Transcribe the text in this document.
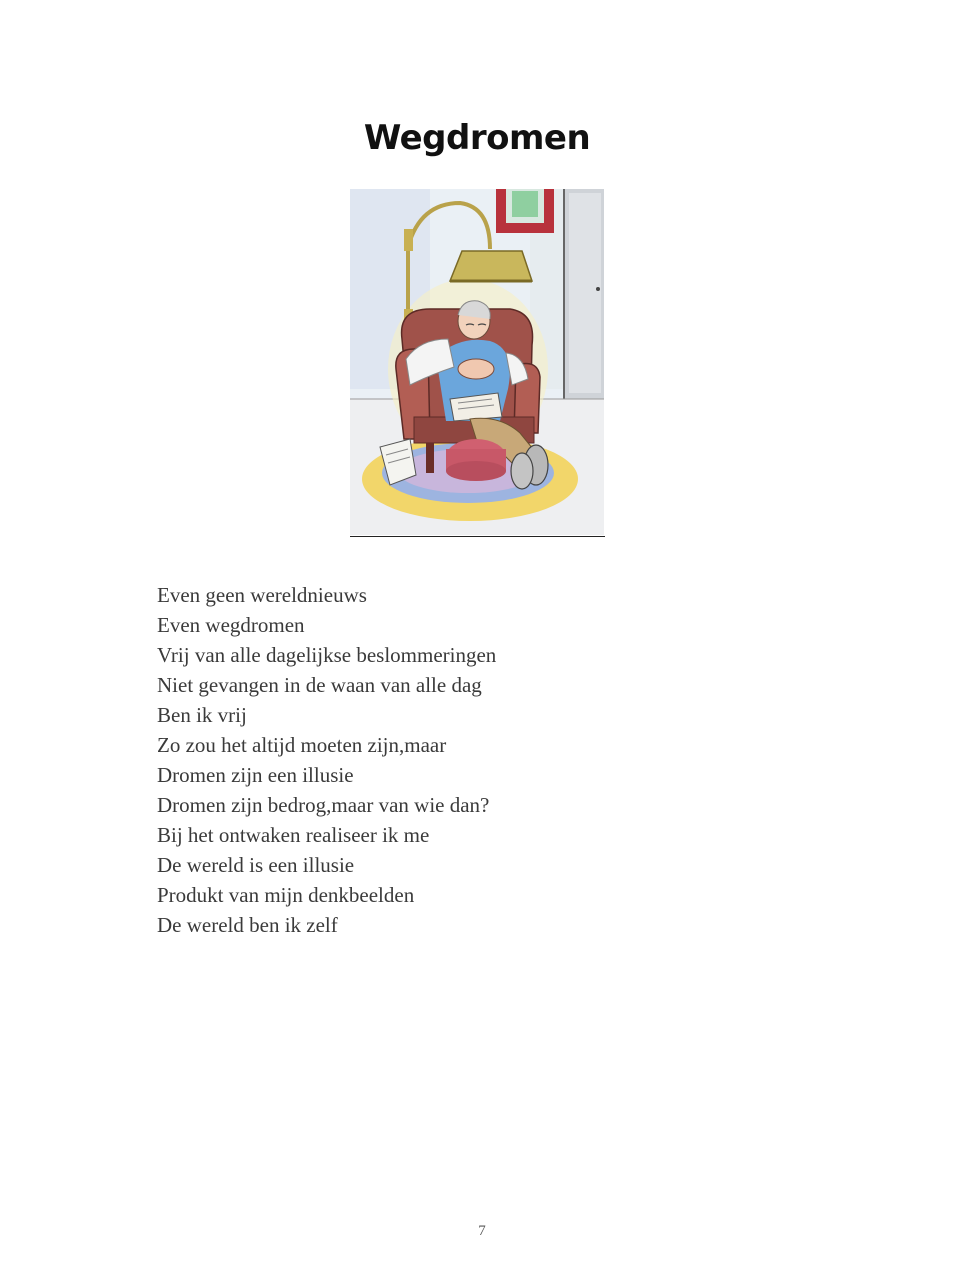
Wegdromen
Even geen wereldnieuws
Even wegdromen
Vrij van alle dagelijkse beslommeringen
Niet gevangen in de waan van alle dag
Ben ik vrij
Zo zou het altijd moeten zijn,maar
Dromen zijn een illusie
Dromen zijn bedrog,maar van wie dan?
Bij het ontwaken realiseer ik me
De wereld is een illusie
Produkt van mijn denkbeelden
De wereld ben ik zelf
7
